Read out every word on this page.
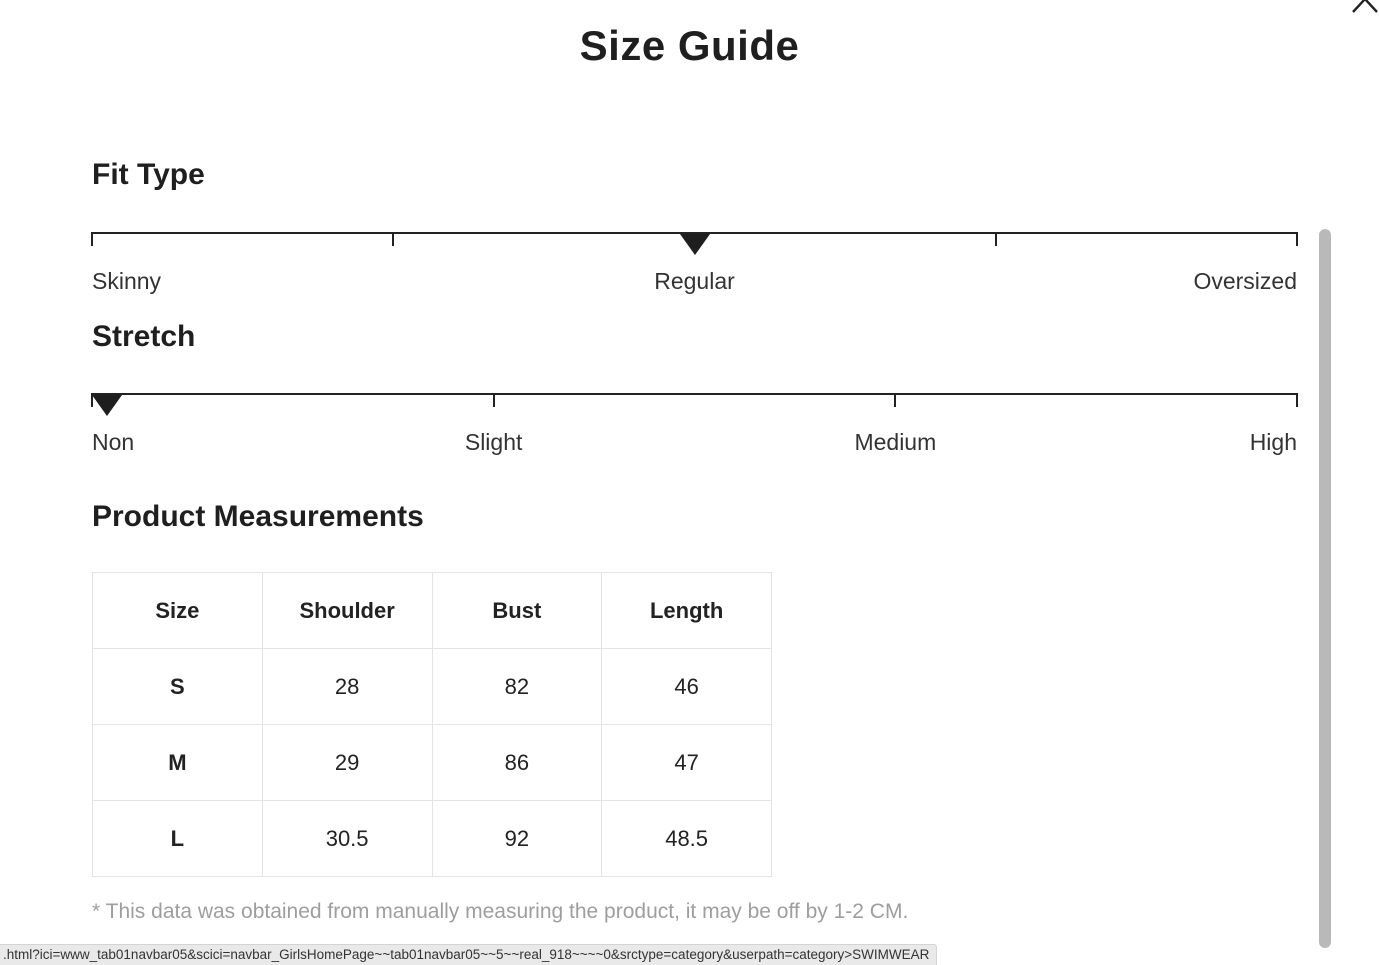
Size Guide
Fit Type
Skinny	Regular	Oversized
Stretch
Non	Slight	Medium	High
Product Measurements
Size	Shoulder	Bust	Length
S	28	82	46
M	29	86	47
L	30.5	92	48.5
* This data was obtained from manually measuring the product, it may be off by 1-2 CM.
.html?ici=www_tab01navbar05&scici=navbar_GirlsHomePage~~tab01navbar05~~5~~real_918~~~~0&srctype=category&userpath=category>SWIMWEAR
